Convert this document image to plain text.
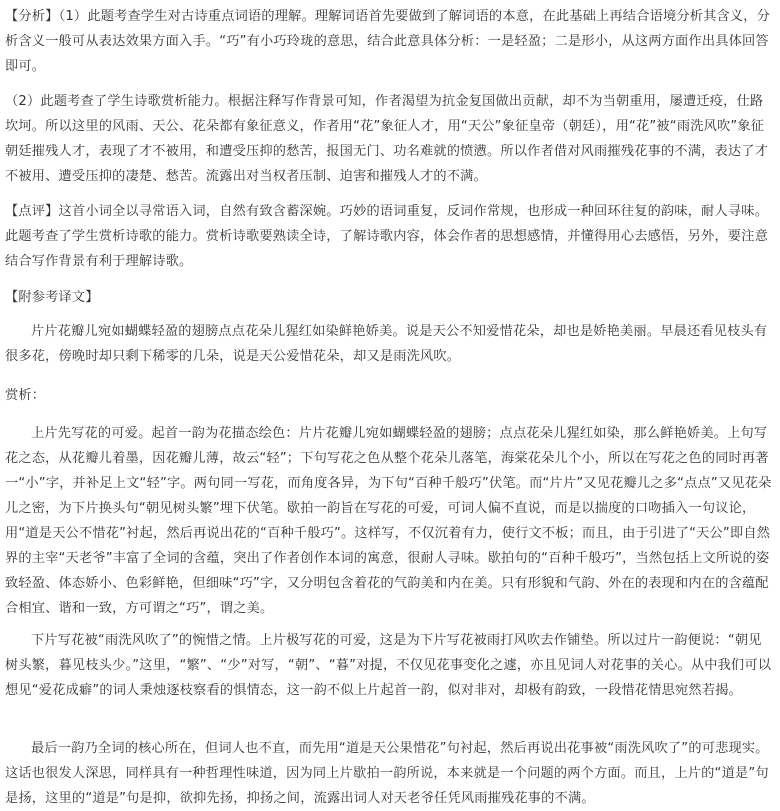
【分析】（1）此题考查学生对古诗重点词语的理解。理解词语首先要做到了解词语的本意，在此基础上再结合语境分析其含义，分析含义一般可从表达效果方面入手。“巧”有小巧玲珑的意思，结合此意具体分析：一是轻盈；二是形小，从这两方面作出具体回答即可。

（2）此题考查了学生诗歌赏析能力。根据注释写作背景可知，作者渴望为抗金复国做出贡献，却不为当朝重用，屡遭迁疫，仕路坎坷。所以这里的风雨、天公、花朵都有象征意义，作者用“花”象征人才，用“天公”象征皇帝（朝廷），用“花”被“雨洗风吹”象征朝廷摧残人才，表现了才不被用，和遭受压抑的愁苦，报国无门、功名难就的愤懑。所以作者借对风雨摧残花事的不满，表达了才不被用、遭受压抑的凄楚、愁苦。流露出对当权者压制、迫害和摧残人才的不满。

【点评】这首小词全以寻常语入词，自然有致含蓄深婉。巧妙的语词重复，反词作常规，也形成一种回环往复的韵味，耐人寻味。此题考查了学生赏析诗歌的能力。赏析诗歌要熟读全诗，了解诗歌内容，体会作者的思想感情，并懂得用心去感悟，另外，要注意结合写作背景有利于理解诗歌。

【附参考译文】

片片花瓣儿宛如蝴蝶轻盈的翅膀点点花朵儿猩红如染鲜艳娇美。说是天公不知爱惜花朵，却也是娇艳美丽。早晨还看见枝头有很多花，傍晚时却只剩下稀零的几朵，说是天公爱惜花朵，却又是雨洗风吹。

赏析：

上片先写花的可爱。起首一韵为花描态绘色：片片花瓣儿宛如蝴蝶轻盈的翅膀；点点花朵儿猩红如染，那么鲜艳娇美。上句写花之态，从花瓣儿着墨，因花瓣儿薄，故云“轻”；下句写花之色从整个花朵儿落笔，海棠花朵儿个小，所以在写花之色的同时再著一“小”字，并补足上文“轻”字。两句同一写花，而角度各异，为下句“百种千般巧”伏笔。而“片片”又见花瓣儿之多“点点”又见花朵儿之密，为下片换头句“朝见树头繁”埋下伏笔。歇拍一韵旨在写花的可爱，可词人偏不直说，而是以揣度的口吻插入一句议论，用“道是天公不惜花”衬起，然后再说出花的“百种千般巧”。这样写，不仅沉着有力，使行文不板；而且，由于引进了“天公”即自然界的主宰“天老爷”丰富了全词的含蕴，突出了作者创作本词的寓意，很耐人寻味。歇拍句的“百种千般巧”，当然包括上文所说的姿致轻盈、体态娇小、色彩鲜艳，但细味“巧”字，又分明包含着花的气韵美和内在美。只有形貌和气韵、外在的表现和内在的含蕴配合相宜、谐和一致，方可谓之“巧”，谓之美。

下片写花被“雨洗风吹了”的惋惜之情。上片极写花的可爱，这是为下片写花被雨打风吹去作铺垫。所以过片一韵便说：“朝见树头繁，暮见枝头少。”这里，“繁”、“少”对写，“朝”、“暮”对提，不仅见花事变化之遽，亦且见词人对花事的关心。从中我们可以想见“爱花成癖”的词人秉烛逐枝察看的惧情态，这一韵不似上片起首一韵，似对非对，却极有韵致，一段惜花情思宛然若揭。

最后一韵乃全词的核心所在，但词人也不直，而先用“道是天公果惜花”句衬起，然后再说出花事被“雨洗风吹了”的可悲现实。这话也很发人深思，同样具有一种哲理性味道，因为同上片歇拍一韵所说，本来就是一个问题的两个方面。而且，上片的“道是”句是扬，这里的“道是”句是抑，欲抑先扬，抑扬之间，流露出词人对天老爷任凭风雨摧残花事的不满。
